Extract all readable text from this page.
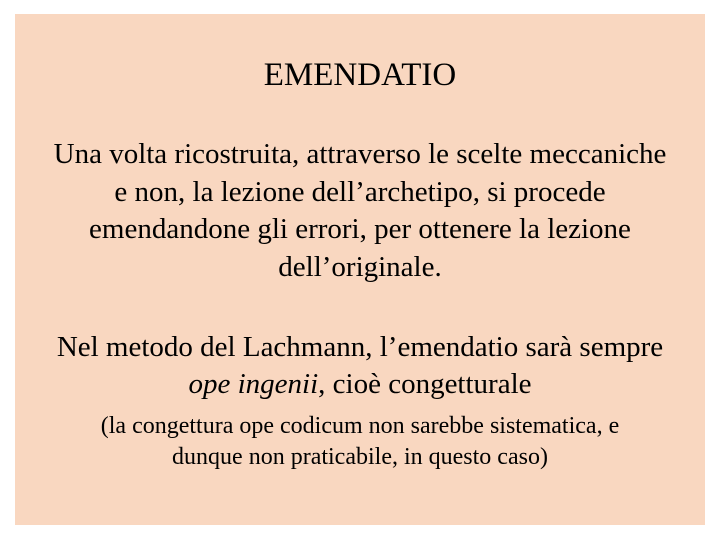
EMENDATIO

Una volta ricostruita, attraverso le scelte meccaniche
e non, la lezione dell’archetipo, si procede
emendandone gli errori, per ottenere la lezione
dell’originale.

Nel metodo del Lachmann, l’emendatio sarà sempre
ope ingenii, cioè congetturale

(la congettura ope codicum non sarebbe sistematica, e
dunque non praticabile, in questo caso)
